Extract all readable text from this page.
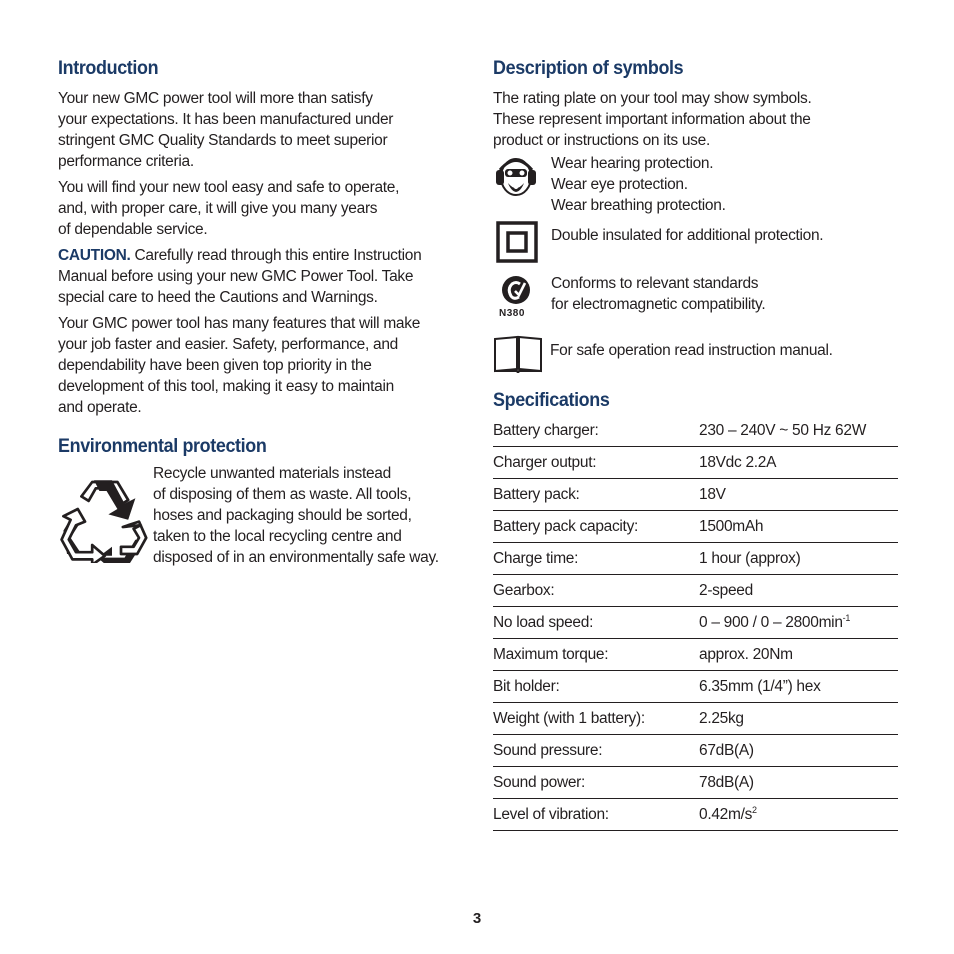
Introduction

Your new GMC power tool will more than satisfy

your expectations. It has been manufactured under

stringent GMC Quality Standards to meet superior

performance criteria.

You will find your new tool easy and safe to operate,

and, with proper care, it will give you many years

of dependable service.

CAUTION. Carefully read through this entire Instruction

Manual before using your new GMC Power Tool. Take

special care to heed the Cautions and Warnings.

Your GMC power tool has many features that will make

your job faster and easier. Safety, performance, and

dependability have been given top priority in the

development of this tool, making it easy to maintain

and operate.

Environmental protection

Recycle unwanted materials instead

of disposing of them as waste. All tools,

hoses and packaging should be sorted,

taken to the local recycling centre and

disposed of in an environmentally safe way.

Description of symbols

The rating plate on your tool may show symbols.

These represent important information about the

product or instructions on its use.

Wear hearing protection.

Wear eye protection.

Wear breathing protection.

Double insulated for additional protection.

N380

Conforms to relevant standards

for electromagnetic compatibility.

For safe operation read instruction manual.

Specifications
Battery charger:	230 – 240V ~ 50 Hz 62W
Charger output:	18Vdc 2.2A
Battery pack:	18V
Battery pack capacity:	1500mAh
Charge time:	1 hour (approx)
Gearbox:	2-speed
No load speed:	$0 - 900 / 0 - 2800\min^{-1}$
Maximum torque:	approx. 20Nm
Bit holder:	6.35mm (1/4”) hex
Weight (with 1 battery):	2.25kg
Sound pressure:	67dB(A)
Sound power:	78dB(A)
Level of vibration:	$0.42m/s^2$
3
